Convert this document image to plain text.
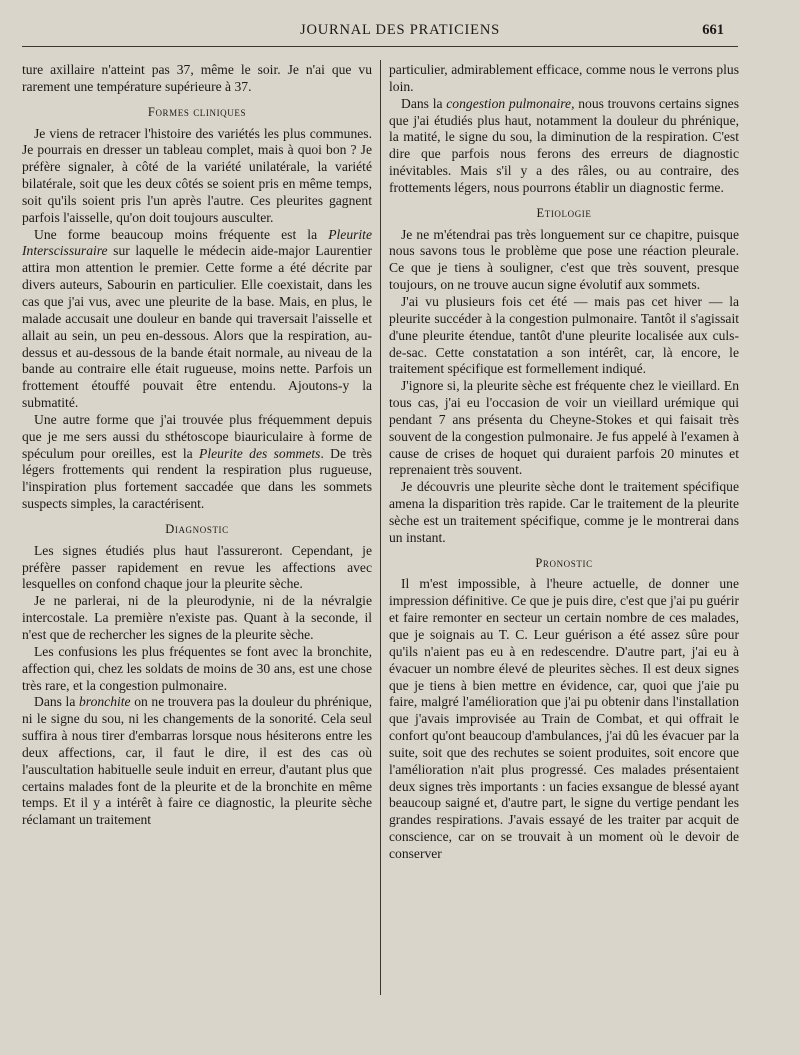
JOURNAL DES PRATICIENS	661

ture axillaire n'atteint pas 37, même le soir. Je n'ai que vu rarement une température supérieure à 37.

Formes cliniques

Je viens de retracer l'histoire des variétés les plus communes. Je pourrais en dresser un tableau complet, mais à quoi bon ? Je préfère signaler, à côté de la variété unilatérale, la variété bilatérale, soit que les deux côtés se soient pris en même temps, soit qu'ils soient pris l'un après l'autre. Ces pleurites gagnent parfois l'aisselle, qu'on doit toujours ausculter.

Une forme beaucoup moins fréquente est la Pleurite Interscissuraire sur laquelle le médecin aide-major Laurentier attira mon attention le premier. Cette forme a été décrite par divers auteurs, Sabourin en particulier. Elle coexistait, dans les cas que j'ai vus, avec une pleurite de la base. Mais, en plus, le malade accusait une douleur en bande qui traversait l'aisselle et allait au sein, un peu en-dessous. Alors que la respiration, au-dessus et au-dessous de la bande était normale, au niveau de la bande au contraire elle était rugueuse, moins nette. Parfois un frottement étouffé pouvait être entendu. Ajoutons-y la submatité.

Une autre forme que j'ai trouvée plus fréquemment depuis que je me sers aussi du sthétoscope biauriculaire à forme de spéculum pour oreilles, est la Pleurite des sommets. De très légers frottements qui rendent la respiration plus rugueuse, l'inspiration plus fortement saccadée que dans les sommets suspects simples, la caractérisent.

Diagnostic

Les signes étudiés plus haut l'assureront. Cependant, je préfère passer rapidement en revue les affections avec lesquelles on confond chaque jour la pleurite sèche.

Je ne parlerai, ni de la pleurodynie, ni de la névralgie intercostale. La première n'existe pas. Quant à la seconde, il n'est que de rechercher les signes de la pleurite sèche.

Les confusions les plus fréquentes se font avec la bronchite, affection qui, chez les soldats de moins de 30 ans, est une chose très rare, et la congestion pulmonaire.

Dans la bronchite on ne trouvera pas la douleur du phrénique, ni le signe du sou, ni les changements de la sonorité. Cela seul suffira à nous tirer d'embarras lorsque nous hésiterons entre les deux affections, car, il faut le dire, il est des cas où l'auscultation habituelle seule induit en erreur, d'autant plus que certains malades font de la pleurite et de la bronchite en même temps. Et il y a intérêt à faire ce diagnostic, la pleurite sèche réclamant un traitement

particulier, admirablement efficace, comme nous le verrons plus loin.

Dans la congestion pulmonaire, nous trouvons certains signes que j'ai étudiés plus haut, notamment la douleur du phrénique, la matité, le signe du sou, la diminution de la respiration. C'est dire que parfois nous ferons des erreurs de diagnostic inévitables. Mais s'il y a des râles, ou au contraire, des frottements légers, nous pourrons établir un diagnostic ferme.

Etiologie

Je ne m'étendrai pas très longuement sur ce chapitre, puisque nous savons tous le problème que pose une réaction pleurale. Ce que je tiens à souligner, c'est que très souvent, presque toujours, on ne trouve aucun signe évolutif aux sommets.

J'ai vu plusieurs fois cet été — mais pas cet hiver — la pleurite succéder à la congestion pulmonaire. Tantôt il s'agissait d'une pleurite étendue, tantôt d'une pleurite localisée aux culs-de-sac. Cette constatation a son intérêt, car, là encore, le traitement spécifique est formellement indiqué.

J'ignore si, la pleurite sèche est fréquente chez le vieillard. En tous cas, j'ai eu l'occasion de voir un vieillard urémique qui pendant 7 ans présenta du Cheyne-Stokes et qui faisait très souvent de la congestion pulmonaire. Je fus appelé à l'examen à cause de crises de hoquet qui duraient parfois 20 minutes et reprenaient très souvent.

Je découvris une pleurite sèche dont le traitement spécifique amena la disparition très rapide. Car le traitement de la pleurite sèche est un traitement spécifique, comme je le montrerai dans un instant.

Pronostic

Il m'est impossible, à l'heure actuelle, de donner une impression définitive. Ce que je puis dire, c'est que j'ai pu guérir et faire remonter en secteur un certain nombre de ces malades, que je soignais au T. C. Leur guérison a été assez sûre pour qu'ils n'aient pas eu à en redescendre. D'autre part, j'ai eu à évacuer un nombre élevé de pleurites sèches. Il est deux signes que je tiens à bien mettre en évidence, car, quoi que j'aie pu faire, malgré l'amélioration que j'ai pu obtenir dans l'installation que j'avais improvisée au Train de Combat, et qui offrait le confort qu'ont beaucoup d'ambulances, j'ai dû les évacuer par la suite, soit que des rechutes se soient produites, soit encore que l'amélioration n'ait plus progressé. Ces malades présentaient deux signes très importants : un facies exsangue de blessé ayant beaucoup saigné et, d'autre part, le signe du vertige pendant les grandes respirations. J'avais essayé de les traiter par acquit de conscience, car on se trouvait à un moment où le devoir de conserver
